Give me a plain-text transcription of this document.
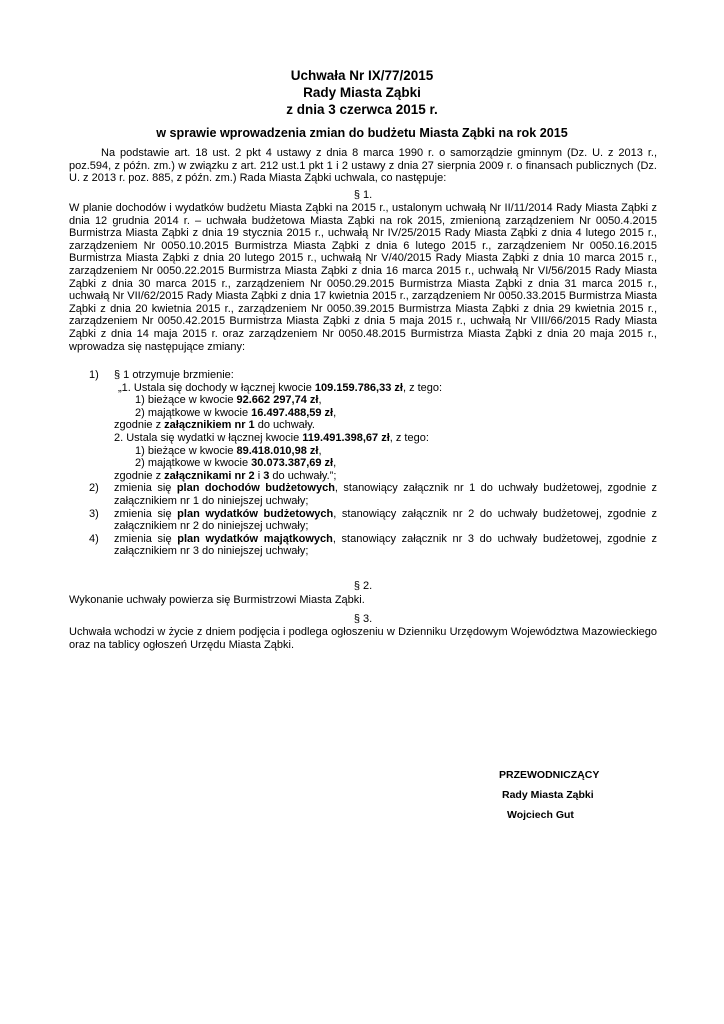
Uchwała Nr IX/77/2015
Rady Miasta Ząbki
z dnia 3 czerwca 2015 r.
w sprawie wprowadzenia zmian do budżetu Miasta Ząbki na rok 2015

Na podstawie art. 18 ust. 2 pkt 4 ustawy z dnia 8 marca 1990 r. o samorządzie gminnym (Dz. U. z 2013 r., poz.594, z późn. zm.) w związku z art. 212 ust.1 pkt 1 i 2 ustawy z dnia 27 sierpnia 2009 r. o finansach publicznych (Dz. U. z 2013 r. poz. 885, z późn. zm.) Rada Miasta Ząbki uchwala, co następuje:

§ 1.

W planie dochodów i wydatków budżetu Miasta Ząbki na 2015 r., ustalonym uchwałą Nr II/11/2014 Rady Miasta Ząbki z dnia 12 grudnia 2014 r. – uchwała budżetowa Miasta Ząbki na rok 2015, zmienioną zarządzeniem Nr 0050.4.2015 Burmistrza Miasta Ząbki z dnia 19 stycznia 2015 r., uchwałą Nr IV/25/2015 Rady Miasta Ząbki z dnia 4 lutego 2015 r., zarządzeniem Nr 0050.10.2015 Burmistrza Miasta Ząbki z dnia 6 lutego 2015 r., zarządzeniem Nr 0050.16.2015 Burmistrza Miasta Ząbki z dnia 20 lutego 2015 r., uchwałą Nr V/40/2015 Rady Miasta Ząbki z dnia 10 marca 2015 r., zarządzeniem Nr 0050.22.2015 Burmistrza Miasta Ząbki z dnia 16 marca 2015 r., uchwałą Nr VI/56/2015 Rady Miasta Ząbki z dnia 30 marca 2015 r., zarządzeniem Nr 0050.29.2015 Burmistrza Miasta Ząbki z dnia 31 marca 2015 r., uchwałą Nr VII/62/2015 Rady Miasta Ząbki z dnia 17 kwietnia 2015 r., zarządzeniem Nr 0050.33.2015 Burmistrza Miasta Ząbki z dnia 20 kwietnia 2015 r., zarządzeniem Nr 0050.39.2015 Burmistrza Miasta Ząbki z dnia 29 kwietnia 2015 r., zarządzeniem Nr 0050.42.2015 Burmistrza Miasta Ząbki z dnia 5 maja 2015 r., uchwałą Nr VIII/66/2015 Rady Miasta Ząbki z dnia 14 maja 2015 r. oraz zarządzeniem Nr 0050.48.2015 Burmistrza Miasta Ząbki z dnia 20 maja 2015 r., wprowadza się następujące zmiany:

1) § 1 otrzymuje brzmienie:
„1. Ustala się dochody w łącznej kwocie 109.159.786,33 zł, z tego:
1) bieżące w kwocie 92.662 297,74 zł,
2) majątkowe w kwocie 16.497.488,59 zł,
zgodnie z załącznikiem nr 1 do uchwały.
2. Ustala się wydatki w łącznej kwocie 119.491.398,67 zł, z tego:
1) bieżące w kwocie 89.418.010,98 zł,
2) majątkowe w kwocie 30.073.387,69 zł,
zgodnie z załącznikami nr 2 i 3 do uchwały.”;
2) zmienia się plan dochodów budżetowych, stanowiący załącznik nr 1 do uchwały budżetowej, zgodnie z załącznikiem nr 1 do niniejszej uchwały;
3) zmienia się plan wydatków budżetowych, stanowiący załącznik nr 2 do uchwały budżetowej, zgodnie z załącznikiem nr 2 do niniejszej uchwały;
4) zmienia się plan wydatków majątkowych, stanowiący załącznik nr 3 do uchwały budżetowej, zgodnie z załącznikiem nr 3 do niniejszej uchwały;

§ 2.

Wykonanie uchwały powierza się Burmistrzowi Miasta Ząbki.

§ 3.

Uchwała wchodzi w życie z dniem podjęcia i podlega ogłoszeniu w Dzienniku Urzędowym Województwa Mazowieckiego oraz na tablicy ogłoszeń Urzędu Miasta Ząbki.

PRZEWODNICZĄCY
Rady Miasta Ząbki
Wojciech Gut
